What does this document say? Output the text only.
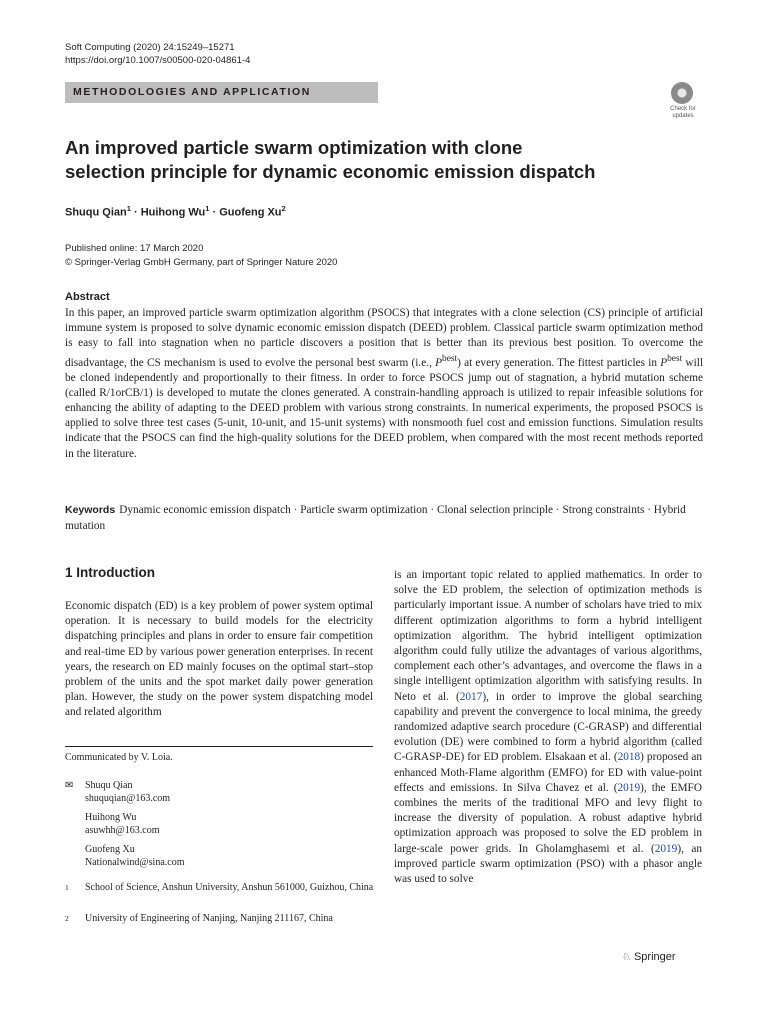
Soft Computing (2020) 24:15249–15271
https://doi.org/10.1007/s00500-020-04861-4
METHODOLOGIES AND APPLICATION
Check for
updates
An improved particle swarm optimization with clone selection principle for dynamic economic emission dispatch
Shuqu Qian$^1$ · Huihong $Wu^1$ · Guofeng Xu$^2$
Published online: 17 March 2020
© Springer-Verlag GmbH Germany, part of Springer Nature 2020
Abstract
In this paper, an improved particle swarm optimization algorithm (PSOCS) that integrates with a clone selection (CS) principle of artificial immune system is proposed to solve dynamic economic emission dispatch (DEED) problem. Classical particle swarm optimization method is easy to fall into stagnation when no particle discovers a position that is better than its previous best position. To overcome the disadvantage, the CS mechanism is used to evolve the personal best swarm (i.e., $P^{best}$) at every generation. The fittest particles in $P^{best}$ will be cloned independently and proportionally to their fitness. In order to force PSOCS jump out of stagnation, a hybrid mutation scheme (called R/1orCB/1) is developed to mutate the clones generated. A constrain-handling approach is utilized to repair infeasible solutions for enhancing the ability of adapting to the DEED problem with various strong constraints. In numerical experiments, the proposed PSOCS is applied to solve three test cases (5-unit, 10-unit, and 15-unit systems) with nonsmooth fuel cost and emission functions. Simulation results indicate that the PSOCS can find the high-quality solutions for the DEED problem, when compared with the most recent methods reported in the literature.
Keywords Dynamic economic emission dispatch · Particle swarm optimization · Clonal selection principle · Strong constraints · Hybrid mutation
1 Introduction
Economic dispatch (ED) is a key problem of power system optimal operation. It is necessary to build models for the electricity dispatching principles and plans in order to ensure fair competition and real-time ED by various power generation enterprises. In recent years, the research on ED mainly focuses on the optimal start–stop problem of the units and the spot market daily power generation plan. However, the study on the power system dispatching model and related algorithm
is an important topic related to applied mathematics. In order to solve the ED problem, the selection of optimization methods is particularly important issue. A number of scholars have tried to mix different optimization algorithms to form a hybrid intelligent optimization algorithm. The hybrid intelligent optimization algorithm could fully utilize the advantages of various algorithms, complement each other’s advantages, and overcome the flaws in a single intelligent optimization algorithm with satisfying results. In Neto et al. (2017), in order to improve the global searching capability and prevent the convergence to local minima, the greedy randomized adaptive search procedure (C-GRASP) and differential evolution (DE) were combined to form a hybrid algorithm (called C-GRASP-DE) for ED problem. Elsakaan et al. (2018) proposed an enhanced Moth-Flame algorithm (EMFO) for ED with value-point effects and emissions. In Silva Chavez et al. (2019), the EMFO combines the merits of the traditional MFO and levy flight to increase the diversity of population. A robust adaptive hybrid optimization approach was proposed to solve the ED problem in large-scale power grids. In Gholamghasemi et al. (2019), an improved particle swarm optimization (PSO) with a phasor angle was used to solve
Communicated by V. Loia.
✉ Shuqu Qian
shuquqian@163.com
Huihong Wu
asuwhh@163.com
Guofeng Xu
Nationalwind@sina.com
1 School of Science, Anshun University, Anshun 561000, Guizhou, China
2 University of Engineering of Nanjing, Nanjing 211167, China
♘ Springer
